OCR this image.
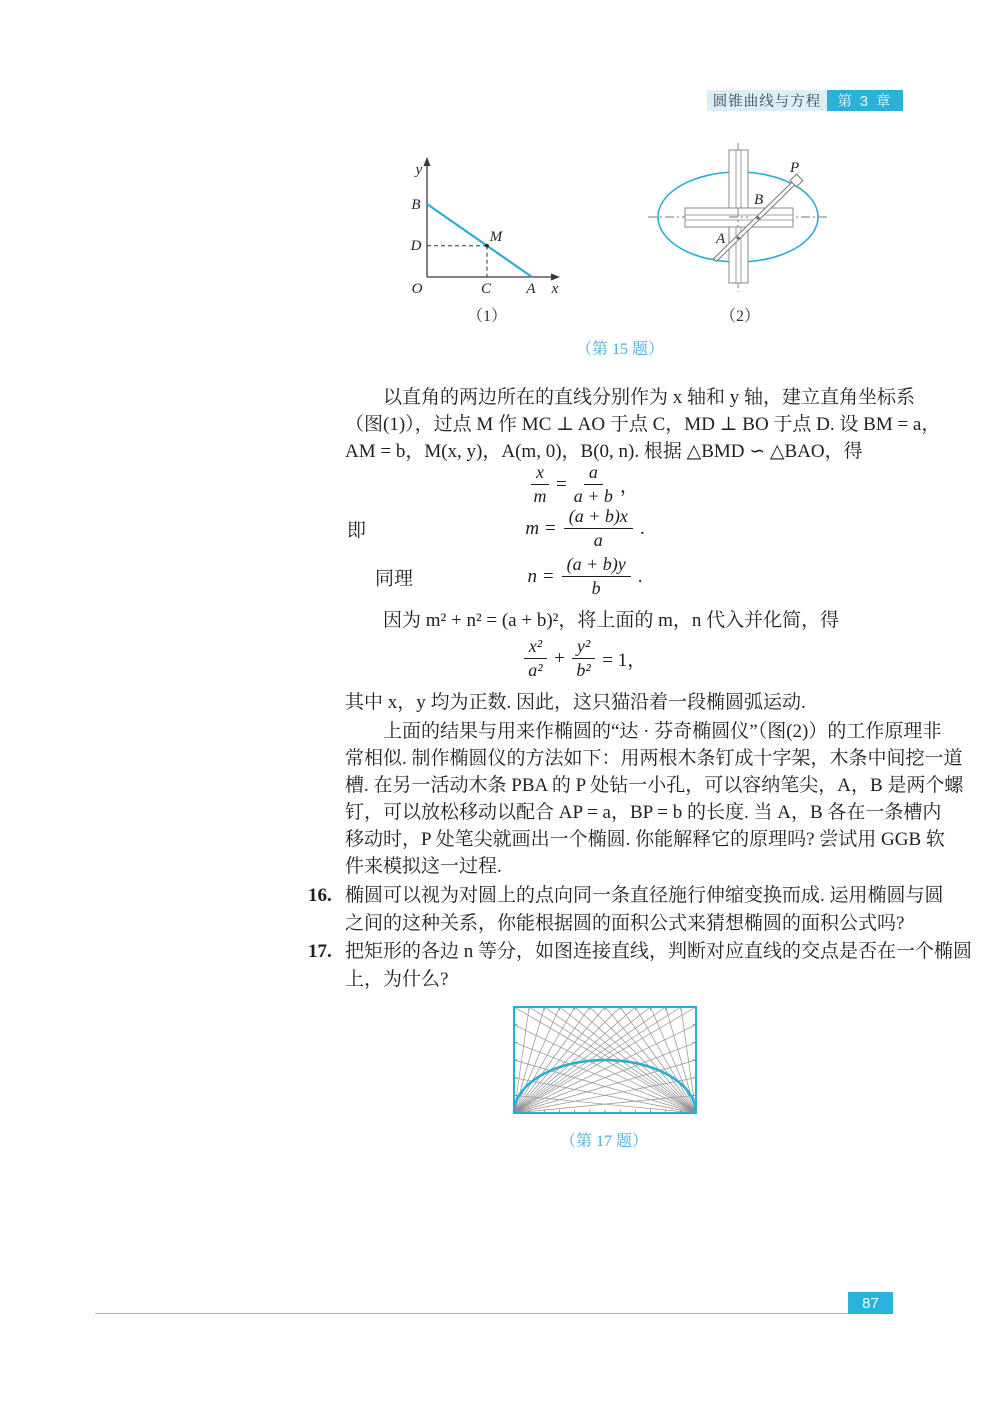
圆锥曲线与方程	第 3 章
y
B
D
M
O	C A x
（1）
P
B
A
（2）
（第 15 题）
以直角的两边所在的直线分别作为 x 轴和 y 轴，建立直角坐标系
（图(1)），过点 M 作 MC ⊥ AO 于点 C，MD ⊥ BO 于点 D. 设 BM = a，
AM = b，M(x, y)，A(m, 0)，B(0, n). 根据 △BMD ∽ △BAO，得
$\frac{x}{m} = \frac{a}{a + b}$ ，
即	$m = \frac{(a + b)x}{a}$ .
同理	$n = \frac{(a + b)y}{b}$ .
因为 m² + n² = (a + b)²，将上面的 m，n 代入并化简，得
$\frac{\text{x²}}{\text{a²}} + \frac{\text{y²}}{\text{b²}} = 1$，
其中 x，y 均为正数. 因此，这只猫沿着一段椭圆弧运动.
上面的结果与用来作椭圆的“达 · 芬奇椭圆仪”（图(2)）的工作原理非
常相似. 制作椭圆仪的方法如下：用两根木条钉成十字架，木条中间挖一道
槽. 在另一活动木条 PBA 的 P 处钻一小孔，可以容纳笔尖，A，B 是两个螺
钉，可以放松移动以配合 AP = a，BP = b 的长度. 当 A，B 各在一条槽内
移动时，P 处笔尖就画出一个椭圆. 你能解释它的原理吗? 尝试用 GGB 软
件来模拟这一过程.
16. 椭圆可以视为对圆上的点向同一条直径施行伸缩变换而成. 运用椭圆与圆
之间的这种关系，你能根据圆的面积公式来猜想椭圆的面积公式吗?
17. 把矩形的各边 n 等分，如图连接直线，判断对应直线的交点是否在一个椭圆
上，为什么?
（第 17 题）
87
